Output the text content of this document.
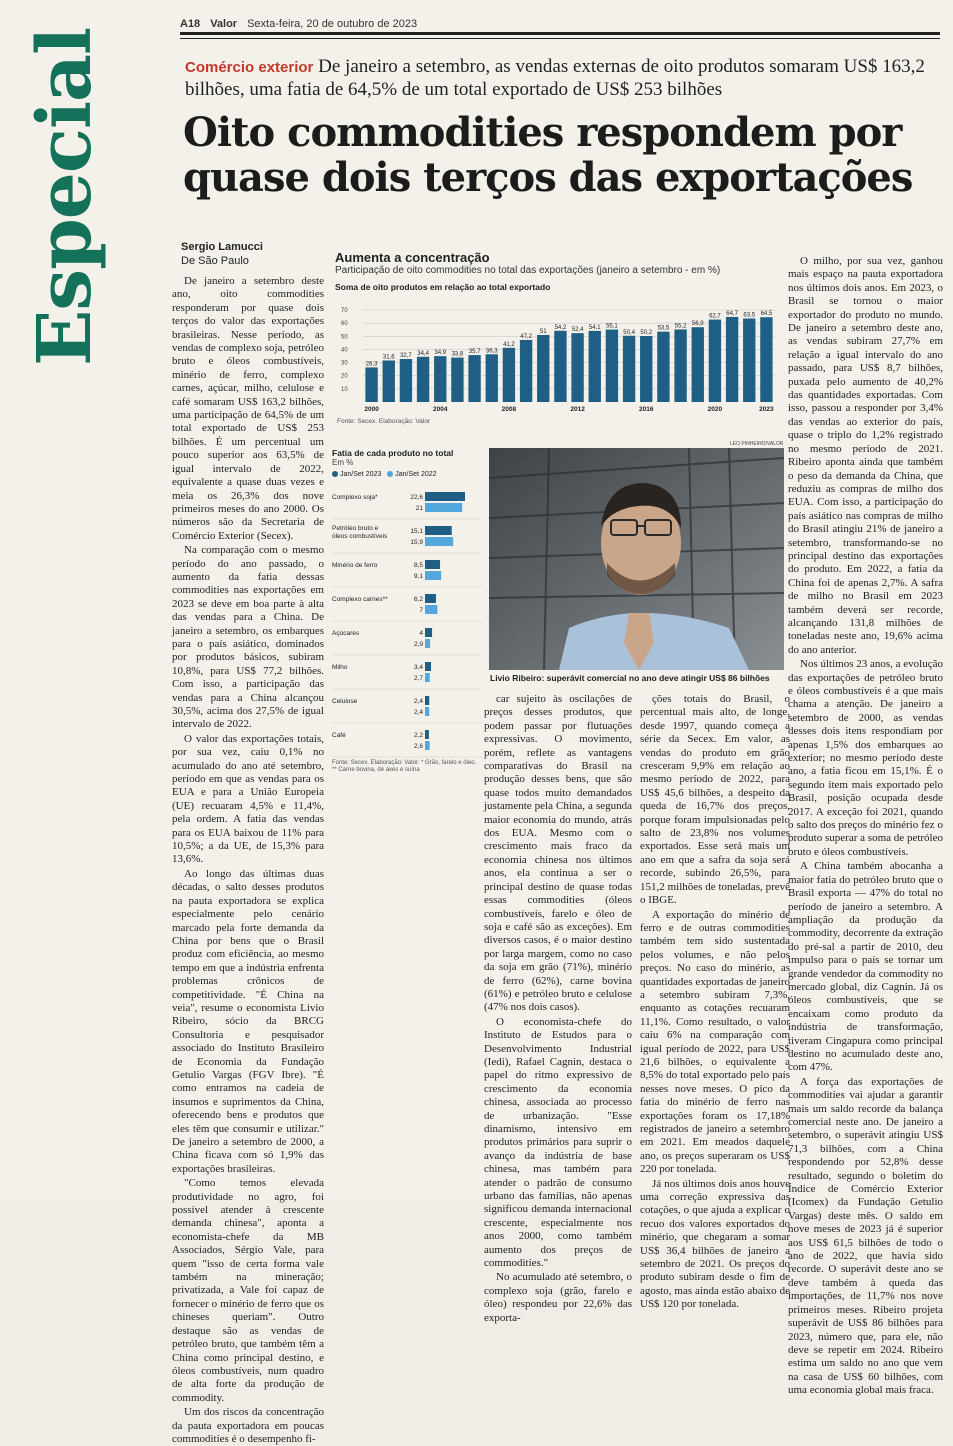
A18 Valor Sexta-feira, 20 de outubro de 2023
Especial	Comércio exterior De janeiro a setembro, as vendas externas de oito produtos somaram US$ 163,2 bilhões, uma fatia de 64,5% de um total exportado de US$ 253 bilhões
Oito commodities respondem por quase dois terços das exportações
Sergio Lamucci
De São Paulo

De janeiro a setembro deste ano, oito commodities responderam por quase dois terços do valor das exportações brasileiras. Nesse período, as vendas de complexo soja, petróleo bruto e óleos combustíveis, minério de ferro, complexo carnes, açúcar, milho, celulose e café somaram US$ 163,2 bilhões, uma participação de 64,5% de um total exportado de US$ 253 bilhões. É um percentual um pouco superior aos 63,5% de igual intervalo de 2022, equivalente a quase duas vezes e meia os 26,3% dos nove primeiros meses do ano 2000. Os números são da Secretaria de Comércio Exterior (Secex).

Na comparação com o mesmo período do ano passado, o aumento da fatia dessas commodities nas exportações em 2023 se deve em boa parte à alta das vendas para a China. De janeiro a setembro, os embarques para o país asiático, dominados por produtos básicos, subiram 10,8%, para US$ 77,2 bilhões. Com isso, a participação das vendas para a China alcançou 30,5%, acima dos 27,5% de igual intervalo de 2022.

O valor das exportações totais, por sua vez, caiu 0,1% no acumulado do ano até setembro, período em que as vendas para os EUA e para a União Europeia (UE) recuaram 4,5% e 11,4%, pela ordem. A fatia das vendas para os EUA baixou de 11% para 10,5%; a da UE, de 15,3% para 13,6%.

Ao longo das últimas duas décadas, o salto desses produtos na pauta exportadora se explica especialmente pelo cenário marcado pela forte demanda da China por bens que o Brasil produz com eficiência, ao mesmo tempo em que a indústria enfrenta problemas crônicos de competitividade. "É China na veia", resume o economista Livio Ribeiro, sócio da BRCG Consultoria e pesquisador associado do Instituto Brasileiro de Economia da Fundação Getulio Vargas (FGV Ibre). "É como entramos na cadeia de insumos e suprimentos da China, oferecendo bens e produtos que eles têm que consumir e utilizar." De janeiro a setembro de 2000, a China ficava com só 1,9% das exportações brasileiras.

"Como temos elevada produtividade no agro, foi possível atender à crescente demanda chinesa", aponta a economista-chefe da MB Associados, Sérgio Vale, para quem "isso de certa forma vale também na mineração; privatizada, a Vale foi capaz de fornecer o minério de ferro que os chineses queriam". Outro destaque são as vendas de petróleo bruto, que também têm a China como principal destino, e óleos combustíveis, num quadro de alta forte da produção de commodity.

Um dos riscos da concentração da pauta exportadora em poucas commodities é o desempenho fi-

Aumenta a concentração
Participação de oito commodities no total das exportações (janeiro a setembro - em %)
Soma de oito produtos em relação ao total exportado
10
20
30
40
50
60
70
26,3
31,6 32,7 34,4 34,9 33,8 35,7 36,3
41,2
47,2
51
54,2 52,4 54,1 55,1
50,4 50,2
53,5 55,2 56,9
62,7 64,7 63,5 64,5
2000	2004	2008	2012	2016	2020	2023
Fonte: Secex. Elaboração: Valor
Fatia de cada produto no total
Em %
Jan/Set 2023	Jan/Set 2022
Complexo soja*	22,6
21
Petróleo bruto e
óleos combustíveis
15,1
15,9
Minério de ferro	8,5
9,1
Complexo carnes**	6,2
7
Açúcares	4
2,9
Milho	3,4
2,7
Celulose	2,4
2,4
Café	2,2
2,6
Fonte: Secex. Elaboração: Valor. * Grão, farelo e óleo. ** Carne bovina, de aves e suína
LEO PINHEIRO/VALOR
Livio Ribeiro: superávit comercial no ano deve atingir US$ 86 bilhões

car sujeito às oscilações de preços desses produtos, que podem passar por flutuações expressivas. O movimento, porém, reflete as vantagens comparativas do Brasil na produção desses bens, que são quase todos muito demandados justamente pela China, a segunda maior economia do mundo, atrás dos EUA. Mesmo com o crescimento mais fraco da economia chinesa nos últimos anos, ela continua a ser o principal destino de quase todas essas commodities (óleos combustíveis, farelo e óleo de soja e café são as exceções). Em diversos casos, é o maior destino por larga margem, como no caso da soja em grão (71%), minério de ferro (62%), carne bovina (61%) e petróleo bruto e celulose (47% nos dois casos).

O economista-chefe do Instituto de Estudos para o Desenvolvimento Industrial (Iedi), Rafael Cagnin, destaca o papel do ritmo expressivo de crescimento da economia chinesa, associada ao processo de urbanização. "Esse dinamismo, intensivo em produtos primários para suprir o avanço da indústria de base chinesa, mas também para atender o padrão de consumo urbano das famílias, não apenas significou demanda internacional crescente, especialmente nos anos 2000, como também aumento dos preços de commodities."

No acumulado até setembro, o complexo soja (grão, farelo e óleo) respondeu por 22,6% das exporta-

ções totais do Brasil, o percentual mais alto, de longe, desde 1997, quando começa a série da Secex. Em valor, as vendas do produto em grão cresceram 9,9% em relação ao mesmo período de 2022, para US$ 45,6 bilhões, a despeito da queda de 16,7% dos preços, porque foram impulsionadas pelo salto de 23,8% nos volumes exportados. Esse será mais um ano em que a safra da soja será recorde, subindo 26,5%, para 151,2 milhões de toneladas, prevê o IBGE.

A exportação do minério de ferro e de outras commodities também tem sido sustentada pelos volumes, e não pelos preços. No caso do minério, as quantidades exportadas de janeiro a setembro subiram 7,3%, enquanto as cotações recuaram 11,1%. Como resultado, o valor caiu 6% na comparação com igual período de 2022, para US$ 21,6 bilhões, o equivalente a 8,5% do total exportado pelo país nesses nove meses. O pico da fatia do minério de ferro nas exportações foram os 17,18% registrados de janeiro a setembro em 2021. Em meados daquele ano, os preços superaram os US$ 220 por tonelada.

Já nos últimos dois anos houve uma correção expressiva das cotações, o que ajuda a explicar o recuo dos valores exportados do minério, que chegaram a somar US$ 36,4 bilhões de janeiro a setembro de 2021. Os preços do produto subiram desde o fim de agosto, mas ainda estão abaixo de US$ 120 por tonelada.

O milho, por sua vez, ganhou mais espaço na pauta exportadora nos últimos dois anos. Em 2023, o Brasil se tornou o maior exportador do produto no mundo. De janeiro a setembro deste ano, as vendas subiram 27,7% em relação a igual intervalo do ano passado, para US$ 8,7 bilhões, puxada pelo aumento de 40,2% das quantidades exportadas. Com isso, passou a responder por 3,4% das vendas ao exterior do país, quase o triplo do 1,2% registrado no mesmo período de 2021. Ribeiro aponta ainda que também o peso da demanda da China, que reduziu as compras de milho dos EUA. Com isso, a participação do país asiático nas compras de milho do Brasil atingiu 21% de janeiro a setembro, transformando-se no principal destino das exportações do produto. Em 2022, a fatia da China foi de apenas 2,7%. A safra de milho no Brasil em 2023 também deverá ser recorde, alcançando 131,8 milhões de toneladas neste ano, 19,6% acima do ano anterior.

Nos últimos 23 anos, a evolução das exportações de petróleo bruto e óleos combustíveis é a que mais chama a atenção. De janeiro a setembro de 2000, as vendas desses dois itens respondiam por apenas 1,5% dos embarques ao exterior; no mesmo período deste ano, a fatia ficou em 15,1%. É o segundo item mais exportado pelo Brasil, posição ocupada desde 2017. A exceção foi 2021, quando o salto dos preços do minério fez o produto superar a soma de petróleo bruto e óleos combustíveis.

A China também abocanha a maior fatia do petróleo bruto que o Brasil exporta — 47% do total no período de janeiro a setembro. A ampliação da produção da commodity, decorrente da extração do pré-sal a partir de 2010, deu impulso para o país se tornar um grande vendedor da commodity no mercado global, diz Cagnin. Já os óleos combustíveis, que se encaixam como produto da indústria de transformação, tiveram Cingapura como principal destino no acumulado deste ano, com 47%.

A força das exportações de commodities vai ajudar a garantir mais um saldo recorde da balança comercial neste ano. De janeiro a setembro, o superávit atingiu US$ 71,3 bilhões, com a China respondendo por 52,8% desse resultado, segundo o boletim do Índice de Comércio Exterior (Icomex) da Fundação Getulio Vargas) deste mês. O saldo em nove meses de 2023 já é superior aos US$ 61,5 bilhões de todo o ano de 2022, que havia sido recorde. O superávit deste ano se deve também à queda das importações, de 11,7% nos nove primeiros meses. Ribeiro projeta superávit de US$ 86 bilhões para 2023, número que, para ele, não deve se repetir em 2024. Ribeiro estima um saldo no ano que vem na casa de US$ 60 bilhões, com uma economia global mais fraca.
